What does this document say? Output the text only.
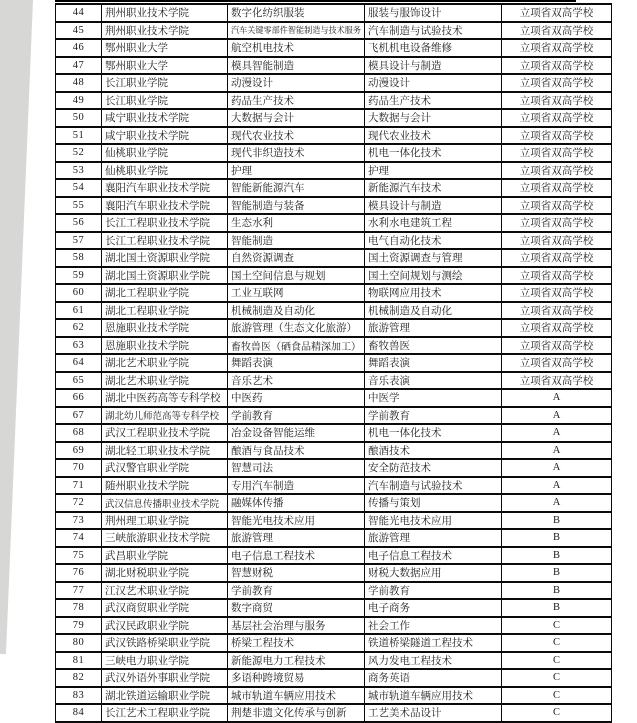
44	荆州职业技术学院	数字化纺织服装	服装与服饰设计	立项省双高学校
45	荆州职业技术学院	汽车关键零部件智能制造与技术服务	汽车制造与试验技术	立项省双高学校
46	鄂州职业大学	航空机电技术	飞机机电设备维修	立项省双高学校
47	鄂州职业大学	模具智能制造	模具设计与制造	立项省双高学校
48	长江职业学院	动漫设计	动漫设计	立项省双高学校
49	长江职业学院	药品生产技术	药品生产技术	立项省双高学校
50	咸宁职业技术学院	大数据与会计	大数据与会计	立项省双高学校
51	咸宁职业技术学院	现代农业技术	现代农业技术	立项省双高学校
52	仙桃职业学院	现代非织造技术	机电一体化技术	立项省双高学校
53	仙桃职业学院	护理	护理	立项省双高学校
54	襄阳汽车职业技术学院	智能新能源汽车	新能源汽车技术	立项省双高学校
55	襄阳汽车职业技术学院	智能制造与装备	模具设计与制造	立项省双高学校
56	长江工程职业技术学院	生态水利	水利水电建筑工程	立项省双高学校
57	长江工程职业技术学院	智能制造	电气自动化技术	立项省双高学校
58	湖北国土资源职业学院	自然资源调查	国土资源调查与管理	立项省双高学校
59	湖北国土资源职业学院	国土空间信息与规划	国土空间规划与测绘	立项省双高学校
60	湖北工程职业学院	工业互联网	物联网应用技术	立项省双高学校
61	湖北工程职业学院	机械制造及自动化	机械制造及自动化	立项省双高学校
62	恩施职业技术学院	旅游管理（生态文化旅游）	旅游管理	立项省双高学校
63	恩施职业技术学院	畜牧兽医（硒食品精深加工）	畜牧兽医	立项省双高学校
64	湖北艺术职业学院	舞蹈表演	舞蹈表演	立项省双高学校
65	湖北艺术职业学院	音乐艺术	音乐表演	立项省双高学校
66	湖北中医药高等专科学校	中医药	中医学	A
67	湖北幼儿师范高等专科学校	学前教育	学前教育	A
68	武汉工程职业技术学院	冶金设备智能运维	机电一体化技术	A
69	湖北轻工职业技术学院	酿酒与食品技术	酿酒技术	A
70	武汉警官职业学院	智慧司法	安全防范技术	A
71	随州职业技术学院	专用汽车制造	汽车制造与试验技术	A
72	武汉信息传播职业技术学院	融媒体传播	传播与策划	A
73	荆州理工职业学院	智能光电技术应用	智能光电技术应用	B
74	三峡旅游职业技术学院	旅游管理	旅游管理	B
75	武昌职业学院	电子信息工程技术	电子信息工程技术	B
76	湖北财税职业学院	智慧财税	财税大数据应用	B
77	江汉艺术职业学院	学前教育	学前教育	B
78	武汉商贸职业学院	数字商贸	电子商务	B
79	武汉民政职业学院	基层社会治理与服务	社会工作	C
80	武汉铁路桥梁职业学院	桥梁工程技术	铁道桥梁隧道工程技术	C
81	三峡电力职业学院	新能源电力工程技术	风力发电工程技术	C
82	武汉外语外事职业学院	多语种跨境贸易	商务英语	C
83	湖北铁道运输职业学院	城市轨道车辆应用技术	城市轨道车辆应用技术	C
84	长江艺术工程职业学院	荆楚非遗文化传承与创新	工艺美术品设计	C
